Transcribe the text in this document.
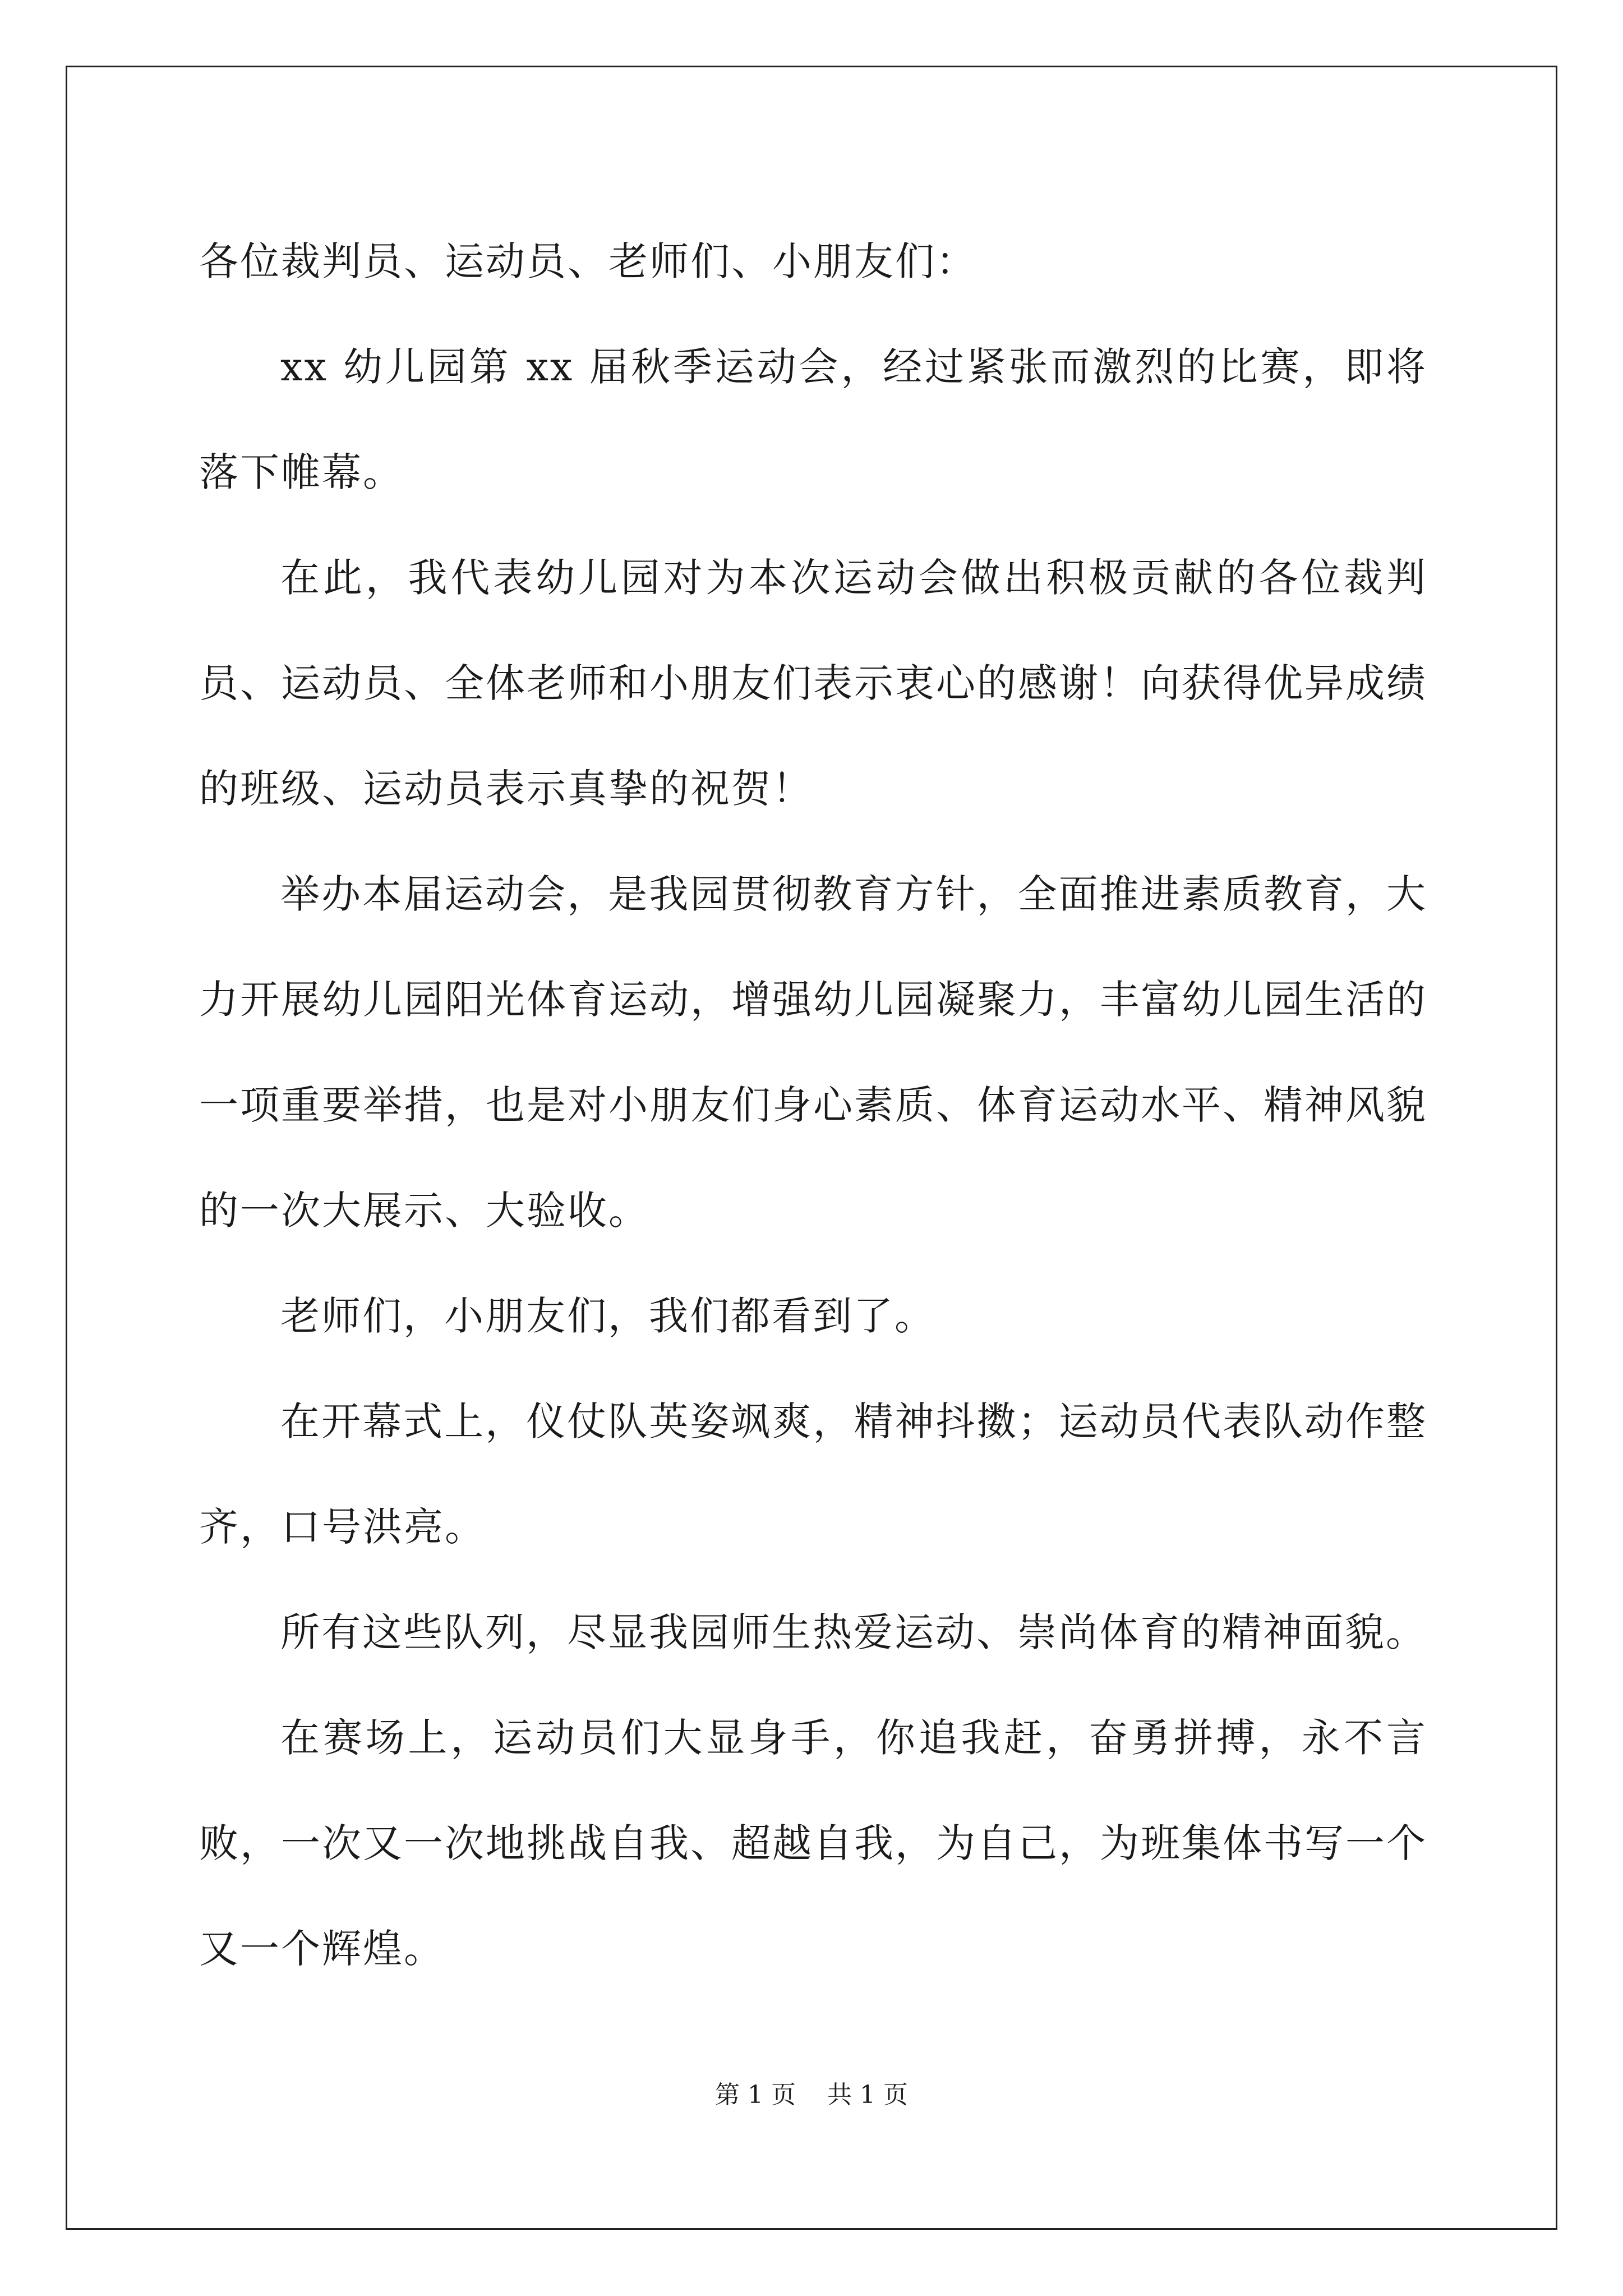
各位裁判员、运动员、老师们、小朋友们：

xx 幼儿园第 xx 届秋季运动会，经过紧张而激烈的比赛，即将落下帷幕。

在此，我代表幼儿园对为本次运动会做出积极贡献的各位裁判员、运动员、全体老师和小朋友们表示衷心的感谢！向获得优异成绩的班级、运动员表示真挚的祝贺！

举办本届运动会，是我园贯彻教育方针，全面推进素质教育，大力开展幼儿园阳光体育运动，增强幼儿园凝聚力，丰富幼儿园生活的一项重要举措，也是对小朋友们身心素质、体育运动水平、精神风貌的一次大展示、大验收。

老师们，小朋友们，我们都看到了。

在开幕式上，仪仗队英姿飒爽，精神抖擞；运动员代表队动作整齐，口号洪亮。

所有这些队列，尽显我园师生热爱运动、崇尚体育的精神面貌。

在赛场上，运动员们大显身手，你追我赶，奋勇拼搏，永不言败，一次又一次地挑战自我、超越自我，为自己，为班集体书写一个又一个辉煌。

第 1 页 共 1 页
